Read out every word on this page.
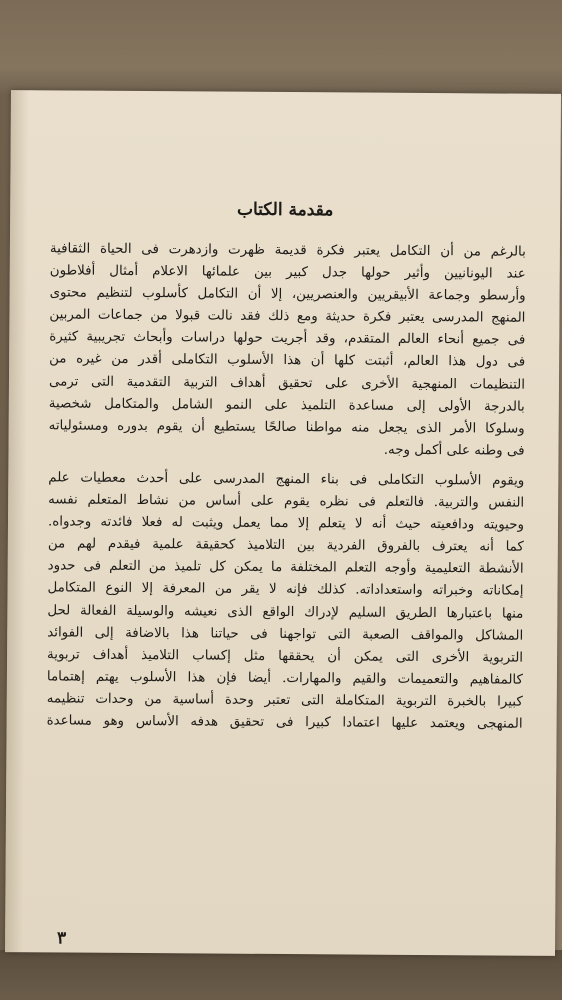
مقدمة الكتاب

بالرغم من أن التكامل يعتبر فكرة قديمة ظهرت وازدهرت فى الحياة الثقافية
عند اليونانيين وأثير حولها جدل كبير بين علمائها الاعلام أمثال أفلاطون
وأرسطو وجماعة الأبيقريين والعنصريين، إلا أن التكامل كأسلوب لتنظيم محتوى
المنهج المدرسى يعتبر فكرة حديثة ومع ذلك فقد نالت قبولا من جماعات المربين
فى جميع أنحاء العالم المتقدم، وقد أجريت حولها دراسات وأبحاث تجريبية كثيرة
فى دول هذا العالم، أثبتت كلها أن هذا الأسلوب التكاملى أقدر من غيره من
التنظيمات المنهجية الأخرى على تحقيق أهداف التربية التقدمية التى ترمى
بالدرجة الأولى إلى مساعدة التلميذ على النمو الشامل والمتكامل شخصية
وسلوكا الأمر الذى يجعل منه مواطنا صالحًا يستطيع أن يقوم بدوره ومسئولياته
فى وطنه على أكمل وجه.

ويقوم الأسلوب التكاملى فى بناء المنهج المدرسى على أحدث معطيات علم
النفس والتربية. فالتعلم فى نظره يقوم على أساس من نشاط المتعلم نفسه
وحيويته ودافعيته حيث أنه لا يتعلم إلا مما يعمل ويثبت له فعلا فائدته وجدواه.
كما أنه يعترف بالفروق الفردية بين التلاميذ كحقيقة علمية فيقدم لهم من
الأنشطة التعليمية وأوجه التعلم المختلفة ما يمكن كل تلميذ من التعلم فى حدود
إمكاناته وخبراته واستعداداته. كذلك فإنه لا يقر من المعرفة إلا النوع المتكامل
منها باعتبارها الطريق السليم لإدراك الواقع الذى نعيشه والوسيلة الفعالة لحل
المشاكل والمواقف الصعبة التى تواجهنا فى حياتنا هذا بالاضافة إلى الفوائد
التربوية الأخرى التى يمكن أن يحققها مثل إكساب التلاميذ أهداف تربوية
كالمفاهيم والتعميمات والقيم والمهارات. أيضا فإن هذا الأسلوب يهتم إهتماما
كبيرا بالخبرة التربوية المتكاملة التى تعتبر وحدة أساسية من وحدات تنظيمه
المنهجى ويعتمد عليها اعتمادا كبيرا فى تحقيق هدفه الأساس وهو مساعدة

٣
